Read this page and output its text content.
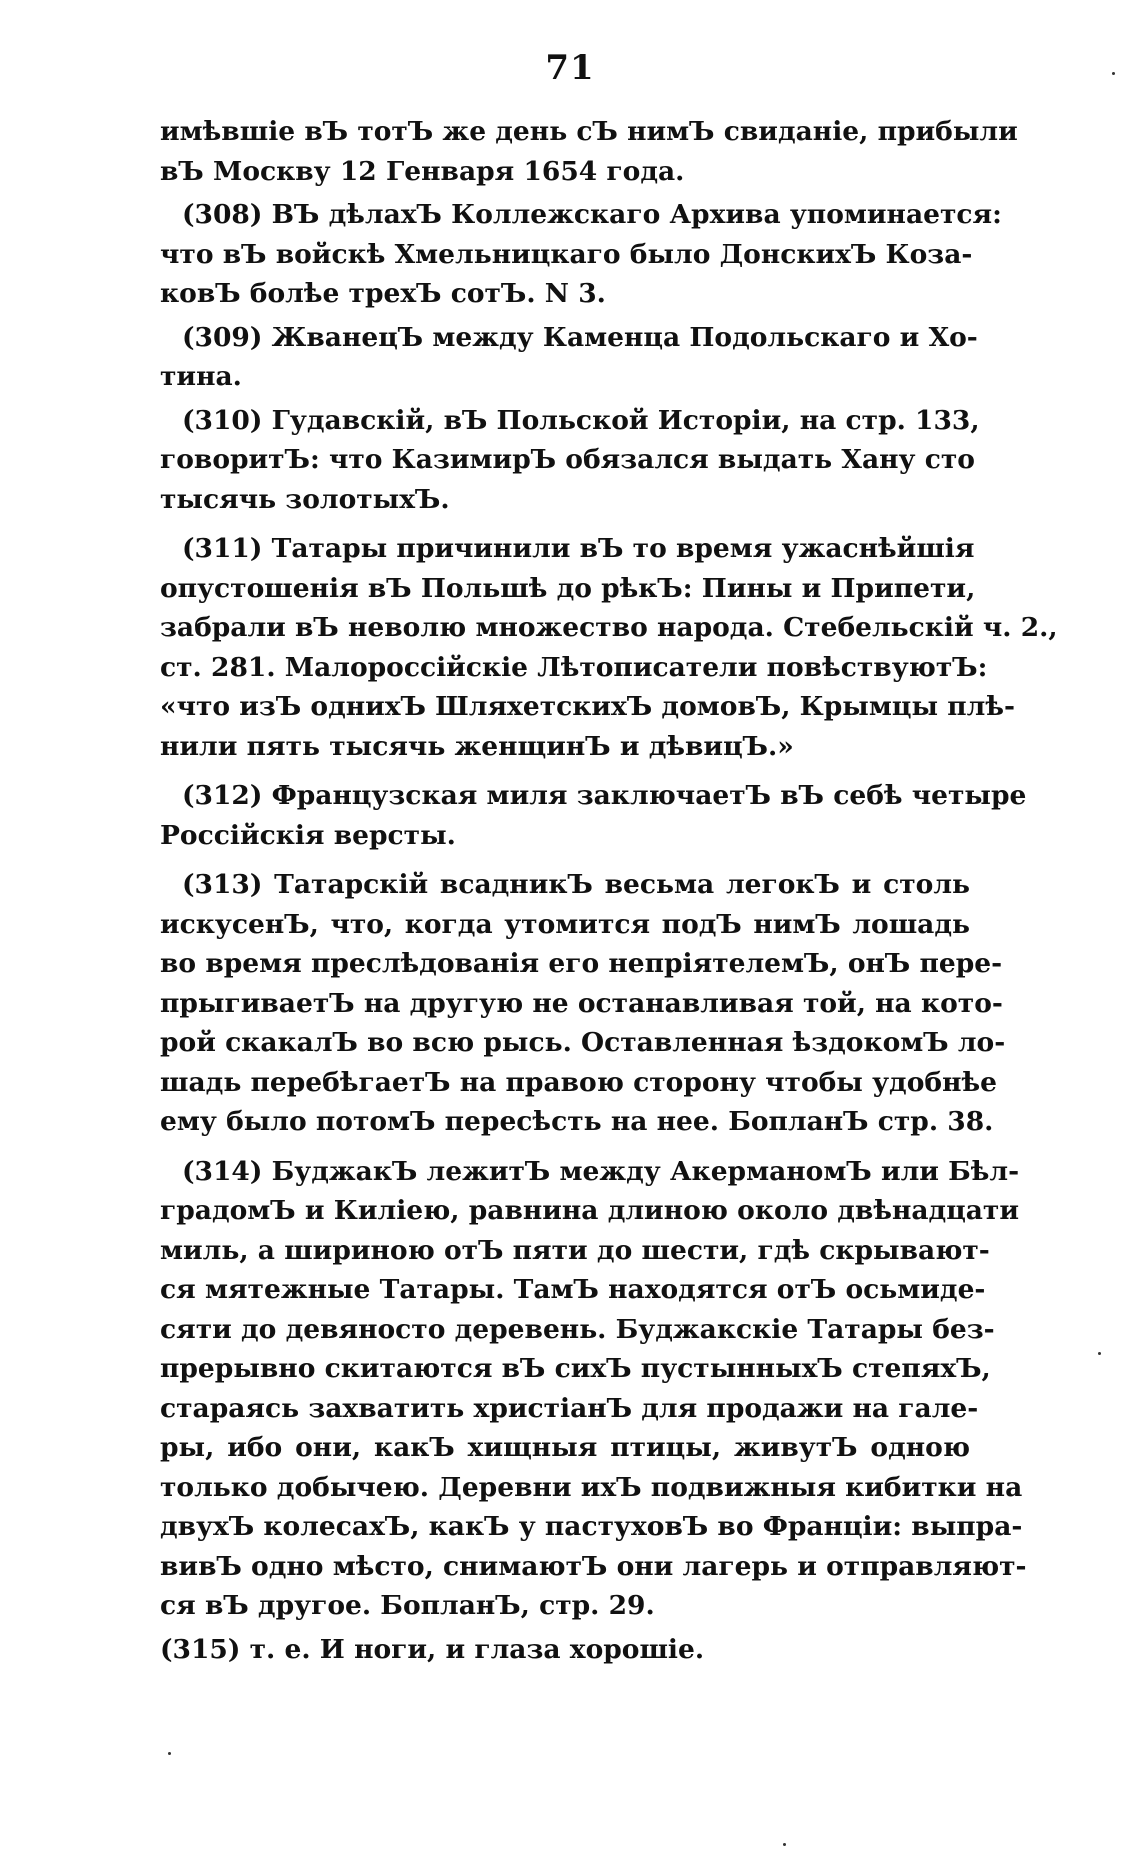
71
имѣвшіе вЪ тотЪ же день сЪ нимЪ свиданіе, прибыли
вЪ Москву 12 Генваря 1654 года.
(308) ВЪ дѣлахЪ Коллежскаго Архива упоминается:
что вЪ войскѣ Хмельницкаго было ДонскихЪ Коза-
ковЪ болѣе трехЪ сотЪ. N 3.
(309) ЖванецЪ между Каменца Подольскаго и Хо-
тина.
(310) Гудавскій, вЪ Польской Исторіи, на стр. 133,
говоритЪ: что КазимирЪ обязался выдать Хану сто
тысячь золотыхЪ.
(311) Татары причинили вЪ то время ужаснѣйшія
опустошенія вЪ Польшѣ до рѣкЪ: Пины и Припети,
забрали вЪ неволю множество народа. Стебельскій ч. 2.,
ст. 281. Малороссійскіе Лѣтописатели повѣствуютЪ:
«что изЪ однихЪ ШляхетскихЪ домовЪ, Крымцы плѣ-
нили пять тысячь женщинЪ и дѣвицЪ.»
(312) Французская миля заключаетЪ вЪ себѣ четыре
Россійскія версты.
(313) Татарскій всадникЪ весьма легокЪ и столь
искусенЪ, что, когда утомится подЪ нимЪ лошадь
во время преслѣдованія его непріятелемЪ, онЪ пере-
прыгиваетЪ на другую не останавливая той, на кото-
рой скакалЪ во всю рысь. Оставленная ѣздокомЪ ло-
шадь перебѣгаетЪ на правою сторону чтобы удобнѣе
ему было потомЪ пересѣсть на нее. БопланЪ стр. 38.
(314) БуджакЪ лежитЪ между АкерманомЪ или Бѣл-
градомЪ и Киліею, равнина длиною около двѣнадцати
миль, а шириною отЪ пяти до шести, гдѣ скрывают-
ся мятежные Татары. ТамЪ находятся отЪ осьмиде-
сяти до девяносто деревень. Буджакскіе Татары без-
прерывно скитаются вЪ сихЪ пустынныхЪ степяхЪ,
стараясь захватить христіанЪ для продажи на гале-
ры, ибо они, какЪ хищныя птицы, живутЪ одною
только добычею. Деревни ихЪ подвижныя кибитки на
двухЪ колесахЪ, какЪ у пастуховЪ во Франціи: выпра-
вивЪ одно мѣсто, снимаютЪ они лагерь и отправляют-
ся вЪ другое. БопланЪ, стр. 29.
(315) т. е. И ноги, и глаза хорошіе.
